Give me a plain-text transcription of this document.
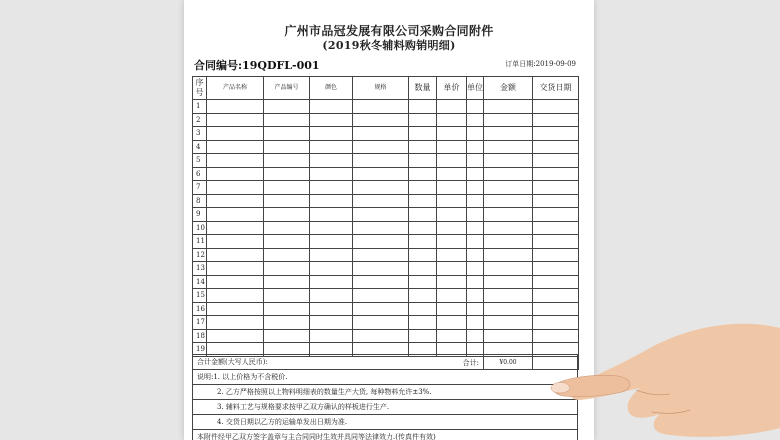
广州市品冠发展有限公司采购合同附件
(2019秋冬辅料购销明细)
合同编号:19QDFL-001	订单日期:2019-09-09
序号	产品名称	产品编号	颜色	规格	数量	单价	单位	金额	交货日期
1									
2									
3									
4									
5									
6									
7									
8									
9									
10									
11									
12									
13									
14									
15									
16									
17									
18									
19									
合计:								¥0.00	
合计金额(大写人民币):
说明:1. 以上价格为不含税价.
2. 乙方严格按照以上物料明细表的数量生产大货, 每种物料允许±3%.
3. 辅料工艺与规格要求按甲乙双方确认的样板进行生产.
4. 交货日期以乙方的运输单发出日期为准.
本附件经甲乙双方签字盖章与主合同同时生效并具同等法律效力.(传真件有效)
